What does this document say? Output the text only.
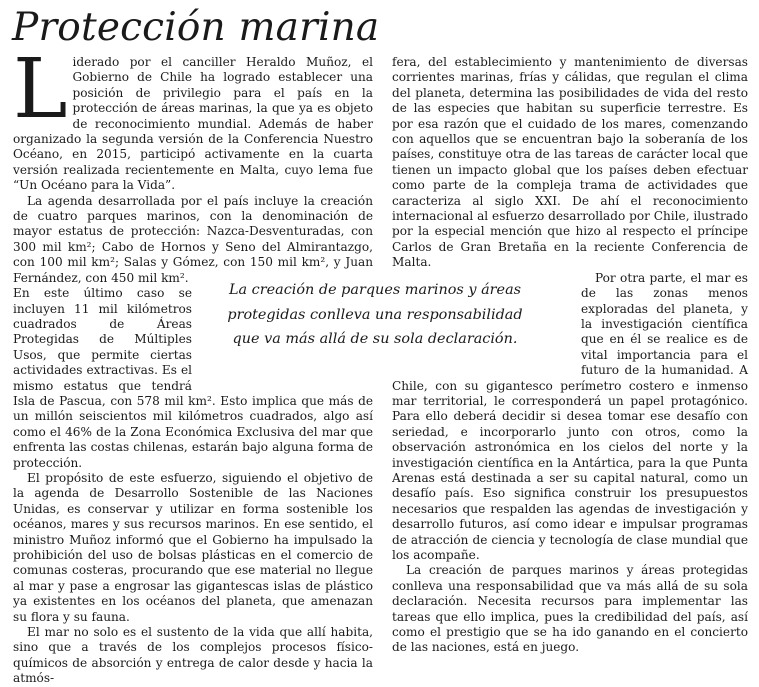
Protección marina

Liderado por el canciller Heraldo Muñoz, el Gobierno de Chile ha logrado establecer una posición de privilegio para el país en la protección de áreas marinas, la que ya es objeto de reconocimiento mundial. Además de haber organizado la segunda versión de la Conferencia Nuestro Océano, en 2015, participó activamente en la cuarta versión realizada recientemente en Malta, cuyo lema fue “Un Océano para la Vida”.

La agenda desarrollada por el país incluye la creación de cuatro parques marinos, con la denominación de mayor estatus de protección: Nazca-Desventuradas, con 300 mil km²; Cabo de Hornos y Seno del Almirantazgo, con 100 mil km²; Salas y Gómez, con 150 mil km², y Juan Fernández, con 450 mil km².

En este último caso se incluyen 11 mil kilómetros cuadrados de Áreas Protegidas de Múltiples Usos, que permite ciertas actividades extractivas. Es el mismo estatus que tendrá Isla de Pascua, con 578 mil km². Esto implica que más de un millón seiscientos mil kilómetros cuadrados, algo así como el 46% de la Zona Económica Exclusiva del mar que enfrenta las costas chilenas, estarán bajo alguna forma de protección.

El propósito de este esfuerzo, siguiendo el objetivo de la agenda de Desarrollo Sostenible de las Naciones Unidas, es conservar y utilizar en forma sostenible los océanos, mares y sus recursos marinos. En ese sentido, el ministro Muñoz informó que el Gobierno ha impulsado la prohibición del uso de bolsas plásticas en el comercio de comunas costeras, procurando que ese material no llegue al mar y pase a engrosar las gigantescas islas de plástico ya existentes en los océanos del planeta, que amenazan su flora y su fauna.

El mar no solo es el sustento de la vida que allí habita, sino que a través de los complejos procesos físico-químicos de absorción y entrega de calor desde y hacia la atmós-

fera, del establecimiento y mantenimiento de diversas corrientes marinas, frías y cálidas, que regulan el clima del planeta, determina las posibilidades de vida del resto de las especies que habitan su superficie terrestre. Es por esa razón que el cuidado de los mares, comenzando con aquellos que se encuentran bajo la soberanía de los países, constituye otra de las tareas de carácter local que tienen un impacto global que los países deben efectuar como parte de la compleja trama de actividades que caracteriza al siglo XXI. De ahí el reconocimiento internacional al esfuerzo desarrollado por Chile, ilustrado por la especial mención que hizo al respecto el príncipe Carlos de Gran Bretaña en la reciente Conferencia de Malta.

Por otra parte, el mar es de las zonas menos exploradas del planeta, y la investigación científica que en él se realice es de vital importancia para el futuro de la humanidad. A Chile, con su gigantesco perímetro costero e inmenso mar territorial, le corresponderá un papel protagónico. Para ello deberá decidir si desea tomar ese desafío con seriedad, e incorporarlo junto con otros, como la observación astronómica en los cielos del norte y la investigación científica en la Antártica, para la que Punta Arenas está destinada a ser su capital natural, como un desafío país. Eso significa construir los presupuestos necesarios que respalden las agendas de investigación y desarrollo futuros, así como idear e impulsar programas de atracción de ciencia y tecnología de clase mundial que los acompañe.

La creación de parques marinos y áreas protegidas conlleva una responsabilidad que va más allá de su sola declaración. Necesita recursos para implementar las tareas que ello implica, pues la credibilidad del país, así como el prestigio que se ha ido ganando en el concierto de las naciones, está en juego.

La creación de parques marinos y áreas protegidas conlleva una responsabilidad que va más allá de su sola declaración.
